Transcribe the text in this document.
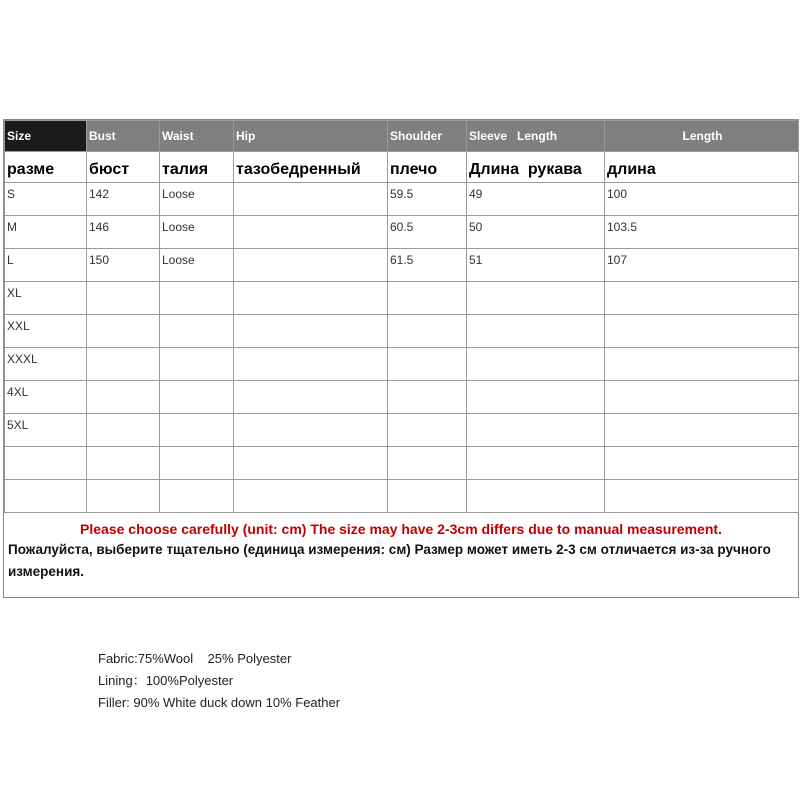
Size	Bust	Waist	Hip	Shoulder	Sleeve   Length	Length
разме	бюст	талия	тазобедренный	плечо	Длина  рукава	длина
S	142	Loose		59.5	49	100
M	146	Loose		60.5	50	103.5
L	150	Loose		61.5	51	107
XL						
XXL						
XXXL						
4XL						
5XL						

Please choose carefully (unit: cm) The size may have 2-3cm differs due to manual measurement.
Пожалуйста, выберите тщательно (единица измерения: см) Размер может иметь 2-3 см отличается из-за ручного измерения.
Fabric:75%Wool    25% Polyester
Lining：100%Polyester
Filler: 90% White duck down 10% Feather
